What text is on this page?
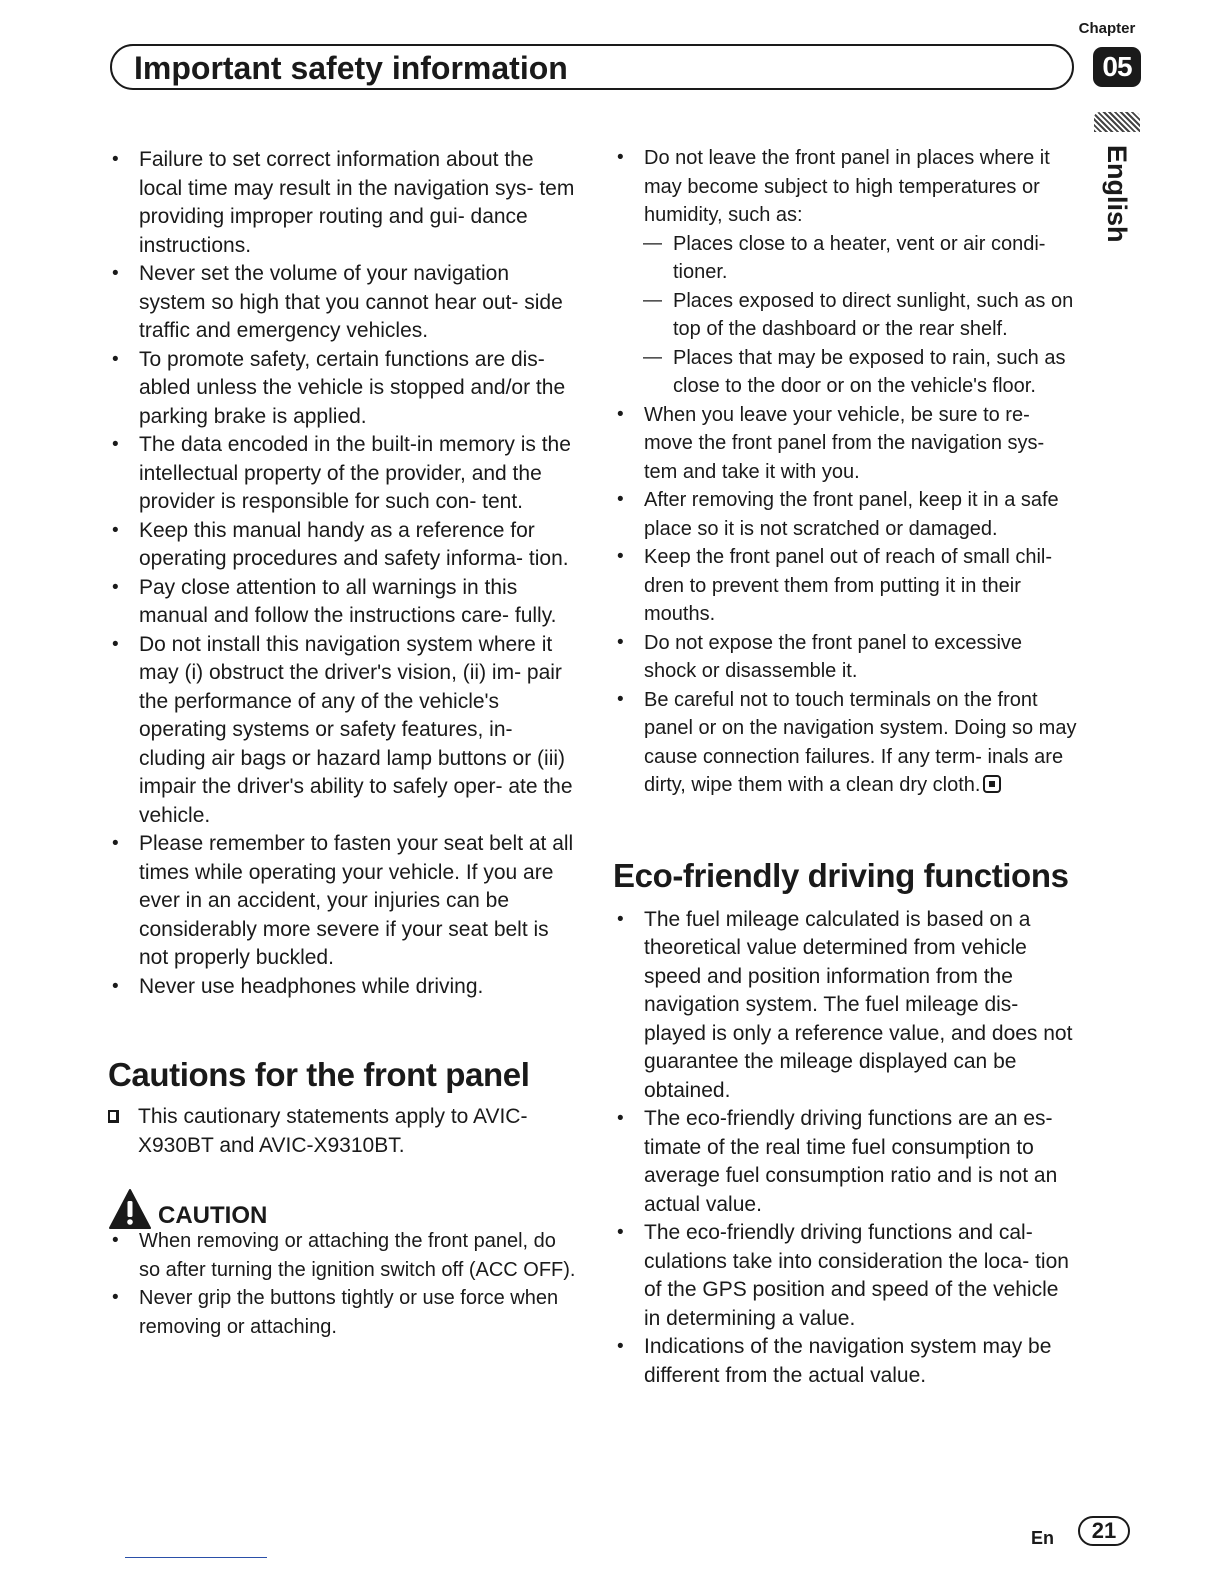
Chapter
05
Important safety information
English
• Failure to set correct information about the local time may result in the navigation sys- tem providing improper routing and gui- dance instructions.
• Never set the volume of your navigation system so high that you cannot hear out- side traffic and emergency vehicles.
• To promote safety, certain functions are dis- abled unless the vehicle is stopped and/or the parking brake is applied.
• The data encoded in the built-in memory is the intellectual property of the provider, and the provider is responsible for such con- tent.
• Keep this manual handy as a reference for operating procedures and safety informa- tion.
• Pay close attention to all warnings in this manual and follow the instructions care- fully.
• Do not install this navigation system where it may (i) obstruct the driver's vision, (ii) im- pair the performance of any of the vehicle's operating systems or safety features, in- cluding air bags or hazard lamp buttons or (iii) impair the driver's ability to safely oper- ate the vehicle.
• Please remember to fasten your seat belt at all times while operating your vehicle. If you are ever in an accident, your injuries can be considerably more severe if your seat belt is not properly buckled.
• Never use headphones while driving.
Cautions for the front panel
This cautionary statements apply to AVIC- X930BT and AVIC-X9310BT.
CAUTION
• When removing or attaching the front panel, do so after turning the ignition switch off (ACC OFF).
• Never grip the buttons tightly or use force when removing or attaching.
• Do not leave the front panel in places where it may become subject to high temperatures or humidity, such as:
— Places close to a heater, vent or air condi- tioner.
— Places exposed to direct sunlight, such as on top of the dashboard or the rear shelf.
— Places that may be exposed to rain, such as close to the door or on the vehicle's floor.
• When you leave your vehicle, be sure to re- move the front panel from the navigation sys- tem and take it with you.
• After removing the front panel, keep it in a safe place so it is not scratched or damaged.
• Keep the front panel out of reach of small chil- dren to prevent them from putting it in their mouths.
• Do not expose the front panel to excessive shock or disassemble it.
• Be careful not to touch terminals on the front panel or on the navigation system. Doing so may cause connection failures. If any term- inals are dirty, wipe them with a clean dry cloth.
Eco-friendly driving functions
• The fuel mileage calculated is based on a theoretical value determined from vehicle speed and position information from the navigation system. The fuel mileage dis- played is only a reference value, and does not guarantee the mileage displayed can be obtained.
• The eco-friendly driving functions are an es- timate of the real time fuel consumption to average fuel consumption ratio and is not an actual value.
• The eco-friendly driving functions and cal- culations take into consideration the loca- tion of the GPS position and speed of the vehicle in determining a value.
• Indications of the navigation system may be different from the actual value.
En	21
